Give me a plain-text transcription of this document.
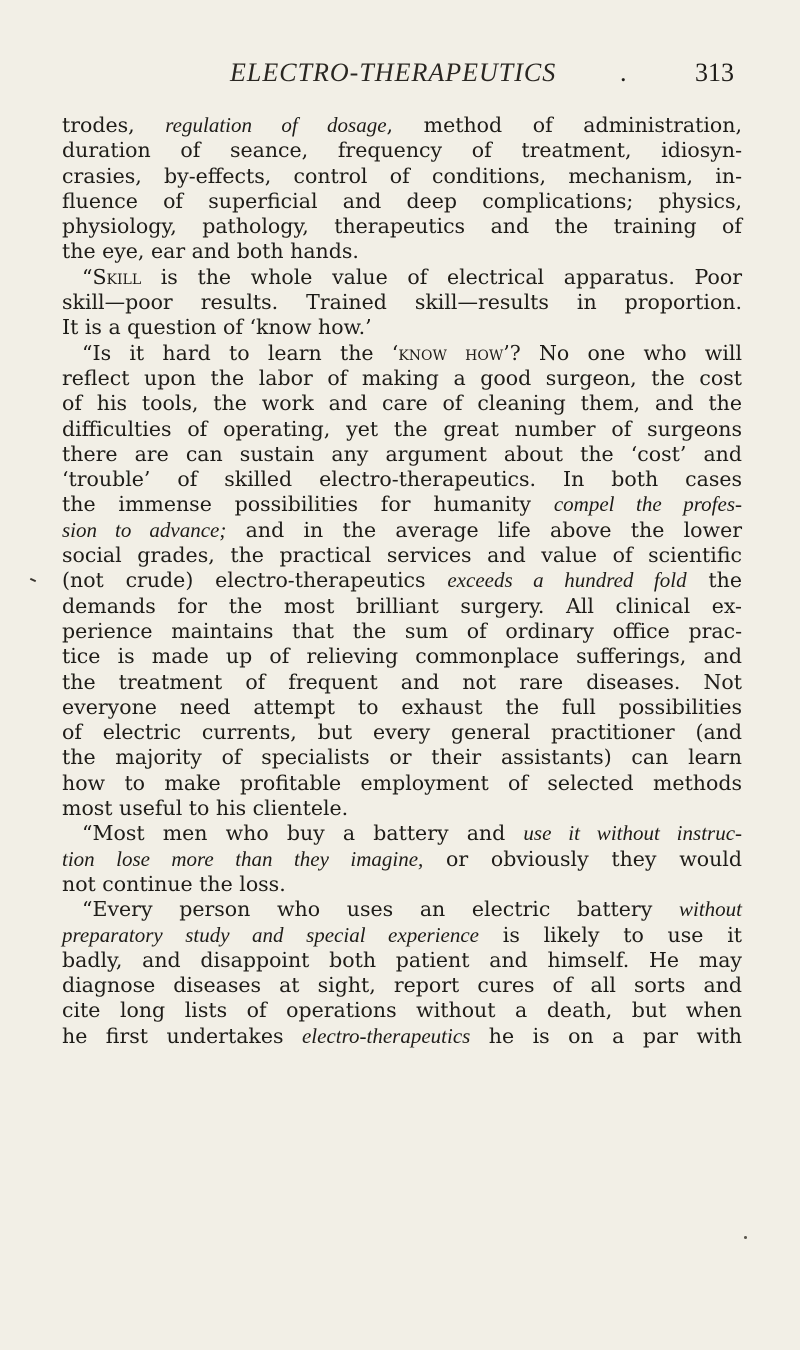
ELECTRO-THERAPEUTICS .	313
trodes, regulation of dosage, method of administration,
duration of seance, frequency of treatment, idiosyn-
crasies, by-effects, control of conditions, mechanism, in-
fluence of superficial and deep complications; physics,
physiology, pathology, therapeutics and the training of
the eye, ear and both hands.
“Skill is the whole value of electrical apparatus. Poor
skill—poor results. Trained skill—results in proportion.
It is a question of ‘know how.’
“Is it hard to learn the ‘know how’? No one who will
reflect upon the labor of making a good surgeon, the cost
of his tools, the work and care of cleaning them, and the
difficulties of operating, yet the great number of surgeons
there are can sustain any argument about the ‘cost’ and
‘trouble’ of skilled electro-therapeutics. In both cases
the immense possibilities for humanity compel the profes-
sion to advance; and in the average life above the lower
social grades, the practical services and value of scientific
(not crude) electro-therapeutics exceeds a hundred fold the
demands for the most brilliant surgery. All clinical ex-
perience maintains that the sum of ordinary office prac-
tice is made up of relieving commonplace sufferings, and
the treatment of frequent and not rare diseases. Not
everyone need attempt to exhaust the full possibilities
of electric currents, but every general practitioner (and
the majority of specialists or their assistants) can learn
how to make profitable employment of selected methods
most useful to his clientele.
“Most men who buy a battery and use it without instruc-
tion lose more than they imagine, or obviously they would
not continue the loss.
“Every person who uses an electric battery without
preparatory study and special experience is likely to use it
badly, and disappoint both patient and himself. He may
diagnose diseases at sight, report cures of all sorts and
cite long lists of operations without a death, but when
he first undertakes electro-therapeutics he is on a par with
